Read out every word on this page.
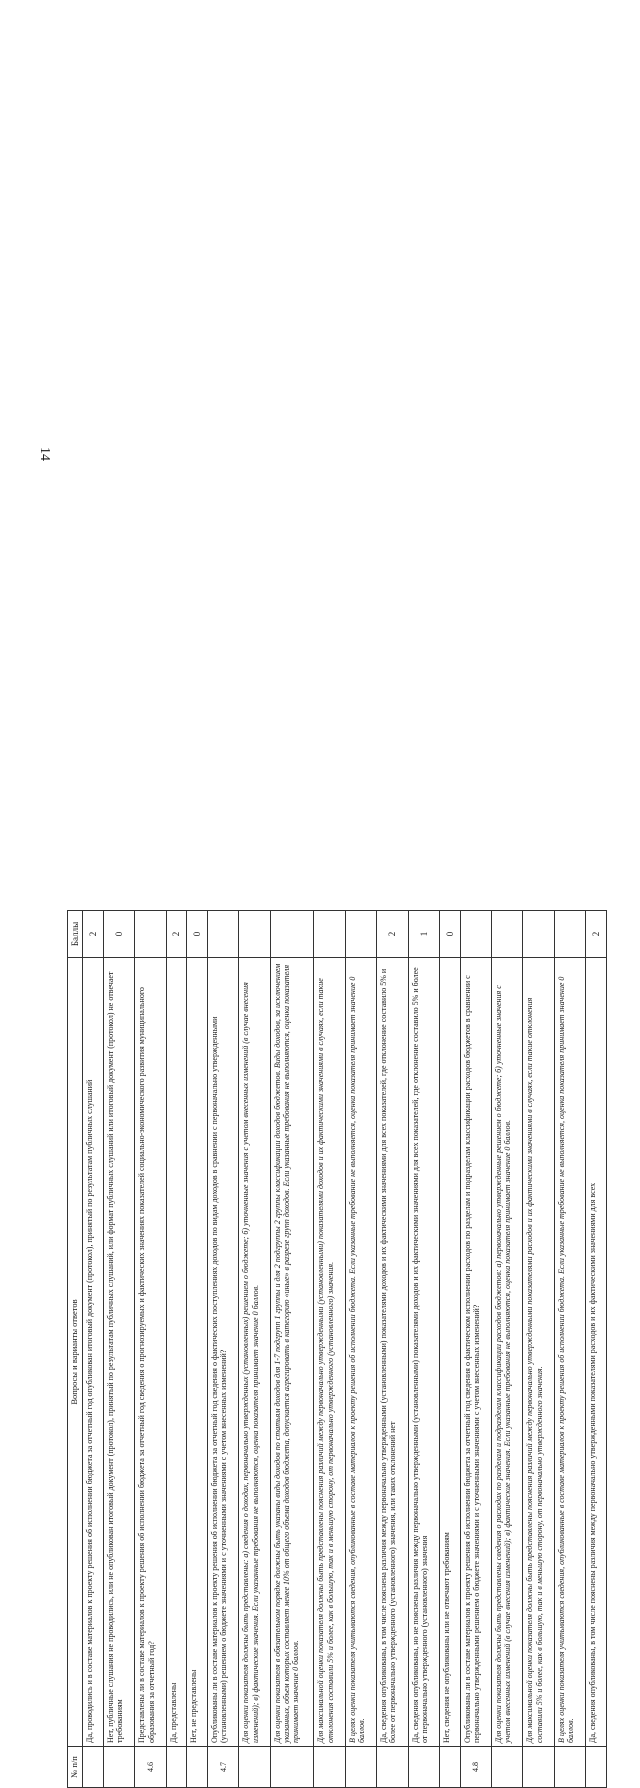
14
№ п/п	Вопросы и варианты ответов	Баллы
	Да, проводились и в составе материалов к проекту решения об исполнении бюджета за отчетный год опубликован итоговый документ (протокол), принятый по результатам публичных слушаний	2
	Нет, публичные слушания не проводились, или не опубликован итоговый документ (протокол), принятый по результатам публичных слушаний, или формат публичных слушаний или итоговый документ (протокол) не отвечает требованиям	0
4.6	Представлены ли в составе материалов к проекту решения об исполнении бюджета за отчетный год сведения о прогнозируемых и фактических значениях показателей социально-экономического развития муниципального образования за отчетный год?	
	Да, представлены	2
	Нет, не представлены	0
4.7	Опубликованы ли в составе материалов к проекту решения об исполнении бюджета за отчетный год сведения о фактических поступлениях доходов по видам доходов в сравнении с первоначально утвержденными (установленными) решением о бюджете значениями и с уточненными значениями с учетом внесенных изменений?	
	Для оценки показателя должны быть представлены: а) сведения о доходах, первоначально утвержденных (установленных) решением о бюджете; б) уточненные значения с учетом внесенных изменений (в случае внесения изменений); в) фактические значения. Если указанные требования не выполняются, оценка показателя принимает значение 0 баллов.	
	Для оценки показателя в обязательном порядке должны быть указаны виды доходов по статьям доходов для 1-7 подгрупп 1 группы и для 2 подгруппы 2 группы классификации доходов бюджетов. Виды доходов, за исключением указанных, объем которых составляет менее 10% от общего объема доходов бюджета, допускается агрегировать в категорию «иные» в разрезе групп доходов. Если указанные требования не выполняются, оценка показателя принимает значение 0 баллов.	
	Для максимальной оценки показателя должны быть представлены пояснения различий между первоначально утвержденными (установленными) показателями доходов и их фактическими значениями в случаях, если такие отклонения составили 5% и более, как в большую, так и в меньшую сторону, от первоначально утвержденного (установленного) значения.	
	В целях оценки показателя учитываются сведения, опубликованные в составе материалов к проекту решения об исполнении бюджета. Если указанные требование не выполняется, оценка показателя принимает значение 0 баллов.	
	Да, сведения опубликованы, в том числе пояснена различия между первоначально утвержденными (установленными) показателями доходов и их фактическими значениями для всех показателей, где отклонение составило 5% и более от первоначально утвержденного (установленного) значения, или таких отклонений нет	2
	Да, сведения опубликованы, но не пояснены различия между первоначально утвержденными (установленными) показателями доходов и их фактическими значениями для всех показателей, где отклонение составило 5% и более от первоначально утвержденного (установленного) значения	1
	Нет, сведения не опубликованы или не отвечают требованиям	0
4.8	Опубликованы ли в составе материалов к проекту решения об исполнении бюджета за отчетный год сведения о фактическом исполнении расходов по разделам и подразделам классификации расходов бюджетов в сравнении с первоначально утвержденными решением о бюджете значениями и с уточненными значениями с учетом внесенных изменений?	
	Для оценки показателя должны быть представлены сведения о расходах по разделам и подразделам классификации расходов бюджетов: а) первоначально утвержденные решением о бюджете; б) уточненные значения с учетом внесенных изменений (в случае внесения изменений); в) фактические значения. Если указанные требования не выполняются, оценка показателя принимает значение 0 баллов.	
	Для максимальной оценки показателя должны быть представлены пояснения различий между первоначально утвержденными показателями расходов и их фактическими значениями в случаях, если такие отклонения составили 5% и более, как в большую, так и в меньшую сторону, от первоначально утвержденного значения.	
	В целях оценки показателя учитываются сведения, опубликованные в составе материалов к проекту решения об исполнении бюджета. Если указанные требование не выполняется, оценка показателя принимает значение 0 баллов.	
	Да, сведения опубликованы, в том числе пояснены различия между первоначально утвержденными показателями расходов и их фактическими значениями для всех	2
